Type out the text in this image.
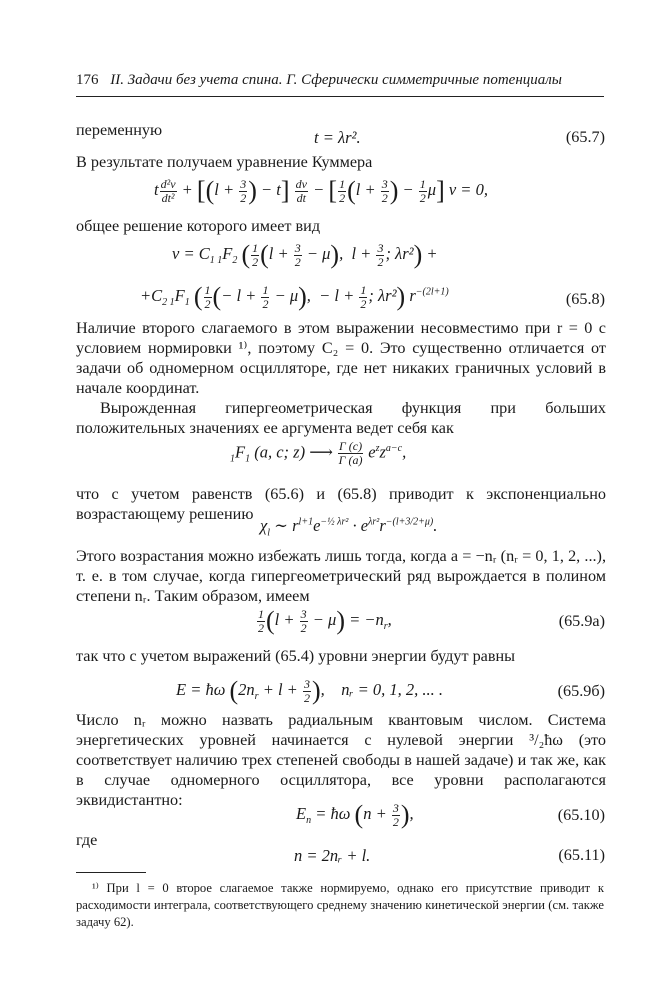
176 II. Задачи без учета спина. Г. Сферически симметричные потенциалы
переменную	t = λr².	(65.7)
В результате получаем уравнение Куммера
t $\frac{\text{d²v}}{\text{dt²}} + [(l + \frac{3}{2}$ ) − $t] \frac{dv}{dt}$ − [ $\frac{1}{2} (l + \frac{3}{2}$ ) − $\frac{1}{2} \mu$] v = 0,
общее решение которого имеет вид
$v = C_{1 1}F_2$ ( $\frac{1}{2} (l + \frac{3}{2} - \mu)$,  $l + \frac{3}{2}$ ; λr²) +
$+C_{2 1}F_1$ ( $\frac{1}{2}$ (− $l + \frac{1}{2} - \mu$),  − $l + \frac{1}{2}$ ; λr²) $r^{-(2l+1)}$	(65.8)
Наличие второго слагаемого в этом выражении несовместимо при r = 0 с условием нормировки ¹⁾, поэтому C₂ = 0. Это существенно отличается от задачи об одномерном осцилляторе, где нет никаких граничных условий в начале координат.
Вырожденная гипергеометрическая функция при больших положительных значениях ее аргумента ведет себя как
$_1F_1$ (a, c; z) ⟶ $\frac{\Gamma (c)}{\Gamma (a)} e^zz^{a-c}$,
что с учетом равенств (65.6) и (65.8) приводит к экспоненциально возрастающему решению
$\chi_l$ ∼ $r^{l+1}e^{-\frac{1}{2} \lambda r^2} \cdot e^{\lambda r^2}r^{-(l+3/2+\mu)}$.
Этого возрастания можно избежать лишь тогда, когда a = −nᵣ (nᵣ = 0, 1, 2, ...), т. е. в том случае, когда гипергеометрический ряд вырождается в полином степени nᵣ. Таким образом, имеем
$\frac{1}{2} (l + \frac{3}{2} - \mu) = -n_r$,	(65.9а)
так что с учетом выражений (65.4) уровни энергии будут равны
E = ħω ($2n_r + l + \frac{3}{2}$ ),    nᵣ = 0, 1, 2, ... .	(65.9б)
Число nᵣ можно назвать радиальным квантовым числом. Система энергетических уровней начинается с нулевой энергии ³/₂ħω (это соответствует наличию трех степеней свободы в нашей задаче) и так же, как в случае одномерного осциллятора, все уровни располагаются эквидистантно:
$E_n$ = ħω ($n + \frac{3}{2}$ ),	(65.10)
где
n = 2nᵣ + l.	(65.11)
¹⁾ При l = 0 второе слагаемое также нормируемо, однако его присутствие приводит к расходимости интеграла, соответствующего среднему значению кинетической энергии (см. также задачу 62).
